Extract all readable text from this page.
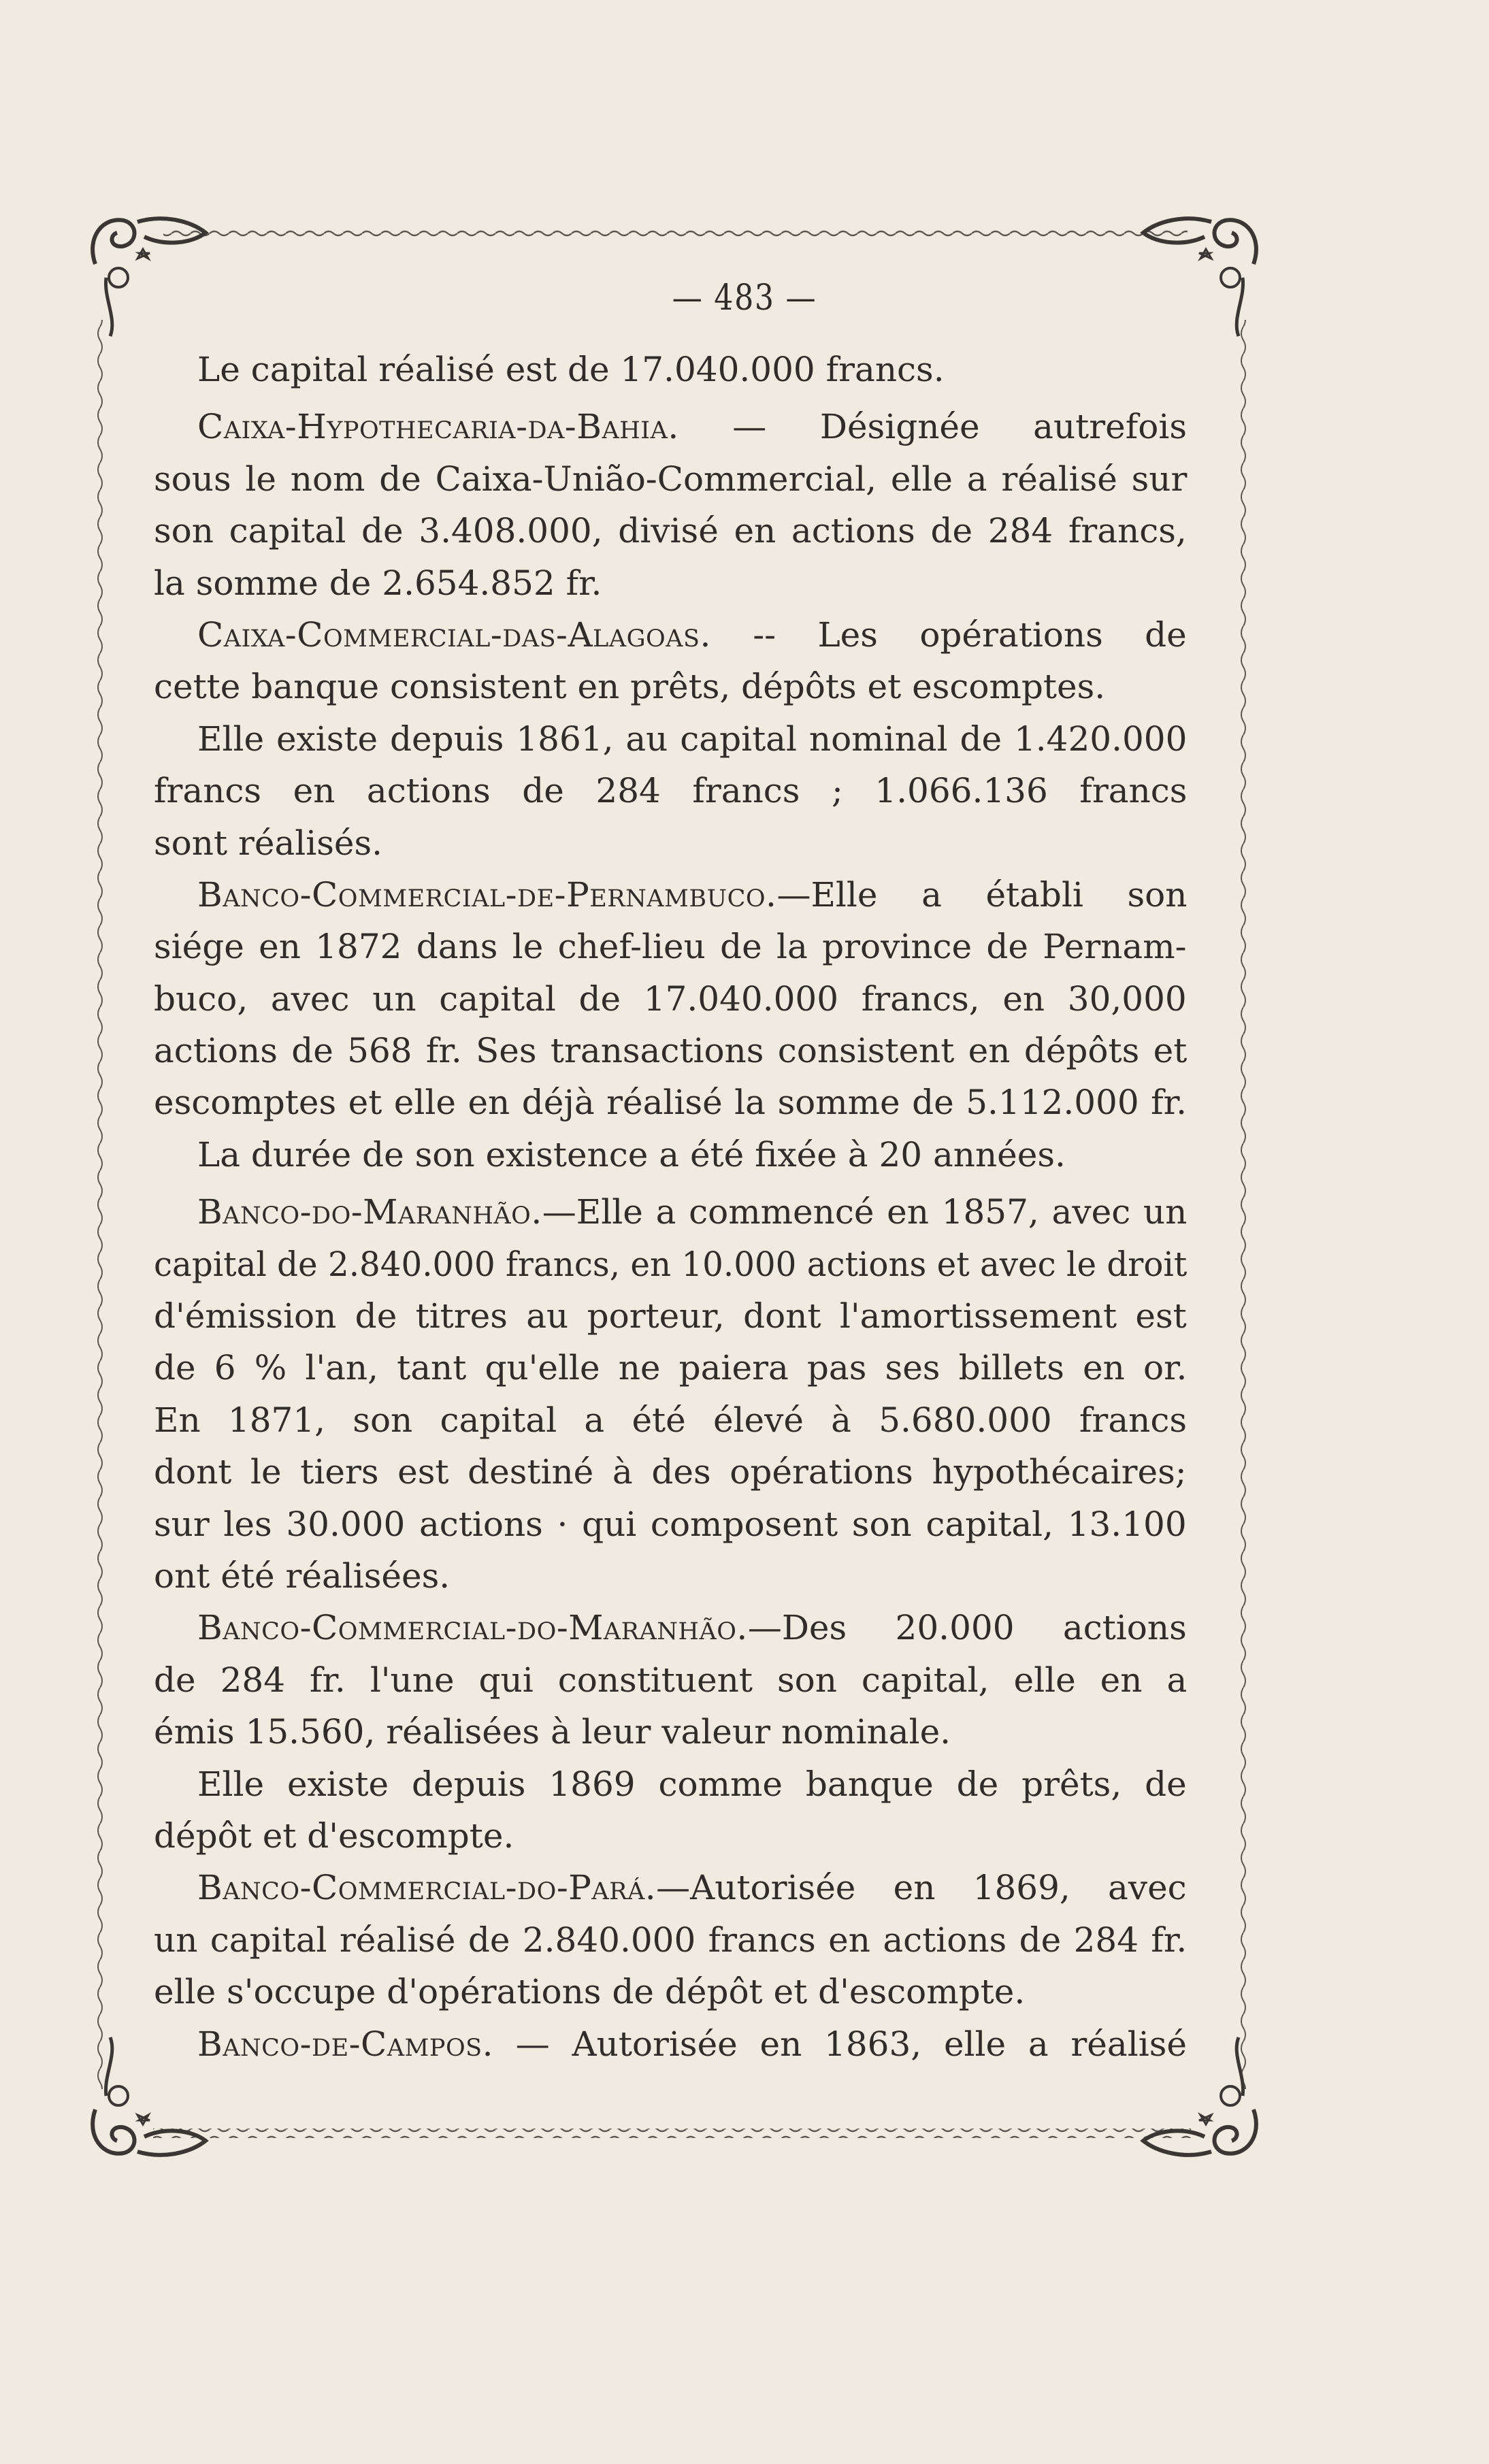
— 483 —
Le capital réalisé est de 17.040.000 francs.
Caixa-Hypothecaria-da-Bahia. — Désignée autrefois
sous le nom de Caixa-União-Commercial, elle a réalisé sur
son capital de 3.408.000, divisé en actions de 284 francs,
la somme de 2.654.852 fr.
Caixa-Commercial-das-Alagoas. -- Les opérations de
cette banque consistent en prêts, dépôts et escomptes.
Elle existe depuis 1861, au capital nominal de 1.420.000
francs en actions de 284 francs ; 1.066.136 francs
sont réalisés.
Banco-Commercial-de-Pernambuco.—Elle a établi son
siége en 1872 dans le chef-lieu de la province de Pernam-
buco, avec un capital de 17.040.000 francs, en 30,000
actions de 568 fr. Ses transactions consistent en dépôts et
escomptes et elle en déjà réalisé la somme de 5.112.000 fr.
La durée de son existence a été fixée à 20 années.
Banco-do-Maranhão.—Elle a commencé en 1857, avec un
capital de 2.840.000 francs, en 10.000 actions et avec le droit
d'émission de titres au porteur, dont l'amortissement est
de 6 % l'an, tant qu'elle ne paiera pas ses billets en or.
En 1871, son capital a été élevé à 5.680.000 francs
dont le tiers est destiné à des opérations hypothécaires;
sur les 30.000 actions · qui composent son capital, 13.100
ont été réalisées.
Banco-Commercial-do-Maranhão.—Des 20.000 actions
de 284 fr. l'une qui constituent son capital, elle en a
émis 15.560, réalisées à leur valeur nominale.
Elle existe depuis 1869 comme banque de prêts, de
dépôt et d'escompte.
Banco-Commercial-do-Pará.—Autorisée en 1869, avec
un capital réalisé de 2.840.000 francs en actions de 284 fr.
elle s'occupe d'opérations de dépôt et d'escompte.
Banco-de-Campos. — Autorisée en 1863, elle a réalisé
